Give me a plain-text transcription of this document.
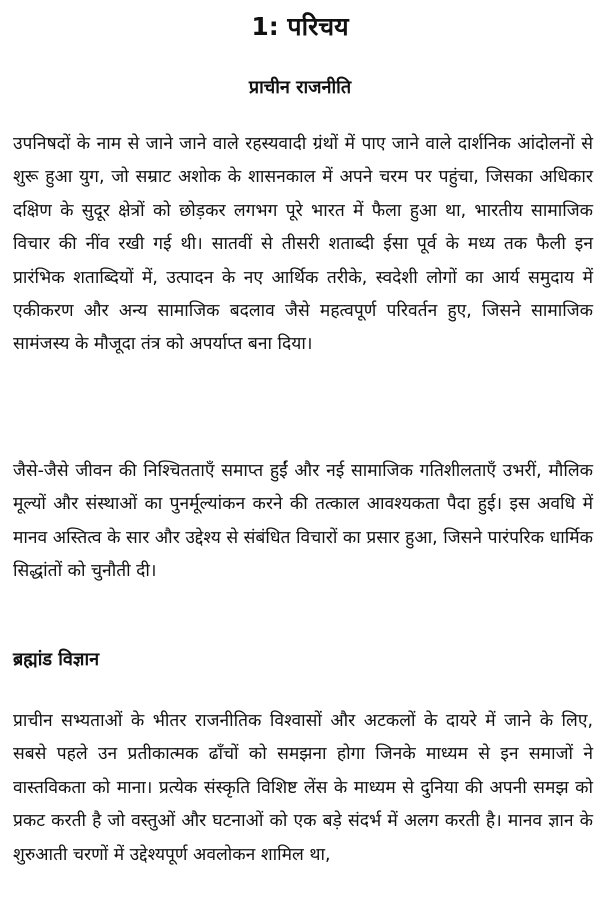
1: परिचय
प्राचीन राजनीति

उपनिषदों के नाम से जाने जाने वाले रहस्यवादी ग्रंथों में पाए जाने वाले दार्शनिक आंदोलनों से शुरू हुआ युग, जो सम्राट अशोक के शासनकाल में अपने चरम पर पहुंचा, जिसका अधिकार दक्षिण के सुदूर क्षेत्रों को छोड़कर लगभग पूरे भारत में फैला हुआ था, भारतीय सामाजिक विचार की नींव रखी गई थी। सातवीं से तीसरी शताब्दी ईसा पूर्व के मध्य तक फैली इन प्रारंभिक शताब्दियों में, उत्पादन के नए आर्थिक तरीके, स्वदेशी लोगों का आर्य समुदाय में एकीकरण और अन्य सामाजिक बदलाव जैसे महत्वपूर्ण परिवर्तन हुए, जिसने सामाजिक सामंजस्य के मौजूदा तंत्र को अपर्याप्त बना दिया।

जैसे-जैसे जीवन की निश्चितताएँ समाप्त हुईं और नई सामाजिक गतिशीलताएँ उभरीं, मौलिक मूल्यों और संस्थाओं का पुनर्मूल्यांकन करने की तत्काल आवश्यकता पैदा हुई। इस अवधि में मानव अस्तित्व के सार और उद्देश्य से संबंधित विचारों का प्रसार हुआ, जिसने पारंपरिक धार्मिक सिद्धांतों को चुनौती दी।

ब्रह्मांड विज्ञान

प्राचीन सभ्यताओं के भीतर राजनीतिक विश्वासों और अटकलों के दायरे में जाने के लिए, सबसे पहले उन प्रतीकात्मक ढाँचों को समझना होगा जिनके माध्यम से इन समाजों ने वास्तविकता को माना। प्रत्येक संस्कृति विशिष्ट लेंस के माध्यम से दुनिया की अपनी समझ को प्रकट करती है जो वस्तुओं और घटनाओं को एक बड़े संदर्भ में अलग करती है। मानव ज्ञान के शुरुआती चरणों में उद्देश्यपूर्ण अवलोकन शामिल था,
